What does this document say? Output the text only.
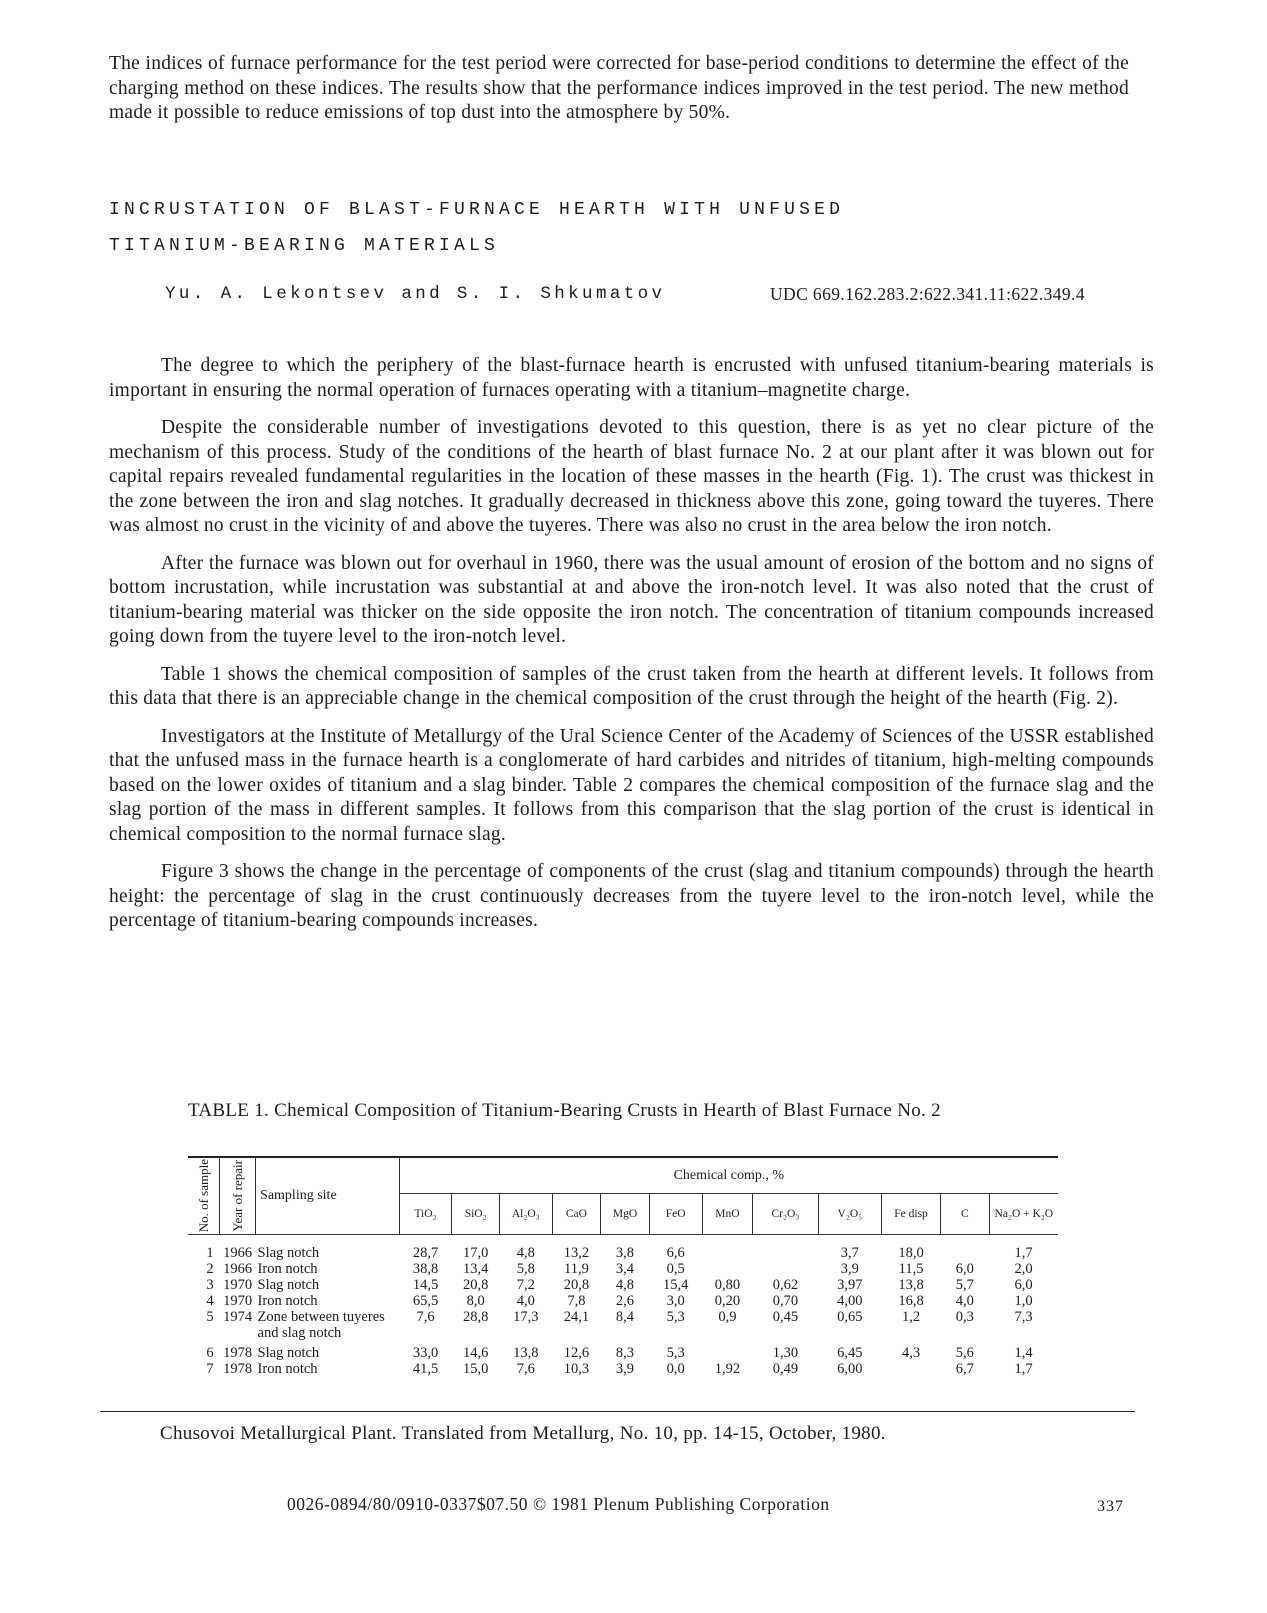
The indices of furnace performance for the test period were corrected for base-period conditions to determine the effect of the charging method on these indices. The results show that the performance indices improved in the test period. The new method made it possible to reduce emissions of top dust into the atmosphere by 50%.
INCRUSTATION OF BLAST-FURNACE HEARTH WITH UNFUSED
TITANIUM-BEARING MATERIALS
Yu. A. Lekontsev and S. I. Shkumatov	UDC 669.162.283.2:622.341.11:622.349.4

The degree to which the periphery of the blast-furnace hearth is encrusted with unfused titanium-bearing materials is important in ensuring the normal operation of furnaces operating with a titanium–magnetite charge.

Despite the considerable number of investigations devoted to this question, there is as yet no clear picture of the mechanism of this process. Study of the conditions of the hearth of blast furnace No. 2 at our plant after it was blown out for capital repairs revealed fundamental regularities in the location of these masses in the hearth (Fig. 1). The crust was thickest in the zone between the iron and slag notches. It gradually decreased in thickness above this zone, going toward the tuyeres. There was almost no crust in the vicinity of and above the tuyeres. There was also no crust in the area below the iron notch.

After the furnace was blown out for overhaul in 1960, there was the usual amount of erosion of the bottom and no signs of bottom incrustation, while incrustation was substantial at and above the iron-notch level. It was also noted that the crust of titanium-bearing material was thicker on the side opposite the iron notch. The concentration of titanium compounds increased going down from the tuyere level to the iron-notch level.

Table 1 shows the chemical composition of samples of the crust taken from the hearth at different levels. It follows from this data that there is an appreciable change in the chemical composition of the crust through the height of the hearth (Fig. 2).

Investigators at the Institute of Metallurgy of the Ural Science Center of the Academy of Sciences of the USSR established that the unfused mass in the furnace hearth is a conglomerate of hard carbides and nitrides of titanium, high-melting compounds based on the lower oxides of titanium and a slag binder. Table 2 compares the chemical composition of the furnace slag and the slag portion of the mass in different samples. It follows from this comparison that the slag portion of the crust is identical in chemical composition to the normal furnace slag.

Figure 3 shows the change in the percentage of components of the crust (slag and titanium compounds) through the hearth height: the percentage of slag in the crust continuously decreases from the tuyere level to the iron-notch level, while the percentage of titanium-bearing compounds increases.

TABLE 1. Chemical Composition of Titanium-Bearing Crusts in Hearth of Blast Furnace No. 2
No. of sample	Year of repair	Sampling site	Chemical comp., %											
			TiO₂	SiO₂	Al₂O₃	CaO	MgO	FeO	MnO	Cr₂O₃	V₂O₅	Fe disp	C	Na₂O + K₂O
1	1966	Slag notch	28,7	17,0	4,8	13,2	3,8	6,6			3,7	18,0		1,7
2	1966	Iron notch	38,8	13,4	5,8	11,9	3,4	0,5			3,9	11,5	6,0	2,0
3	1970	Slag notch	14,5	20,8	7,2	20,8	4,8	15,4	0,80	0,62	3,97	13,8	5,7	6,0
4	1970	Iron notch	65,5	8,0	4,0	7,8	2,6	3,0	0,20	0,70	4,00	16,8	4,0	1,0
5	1974	Zone between tuyeres and slag notch	7,6	28,8	17,3	24,1	8,4	5,3	0,9	0,45	0,65	1,2	0,3	7,3
6	1978	Slag notch	33,0	14,6	13,8	12,6	8,3	5,3		1,30	6,45	4,3	5,6	1,4
7	1978	Iron notch	41,5	15,0	7,6	10,3	3,9	0,0	1,92	0,49	6,00		6,7	1,7
Chusovoi Metallurgical Plant. Translated from Metallurg, No. 10, pp. 14-15, October, 1980.
0026-0894/80/0910-0337$07.50 © 1981 Plenum Publishing Corporation	337
